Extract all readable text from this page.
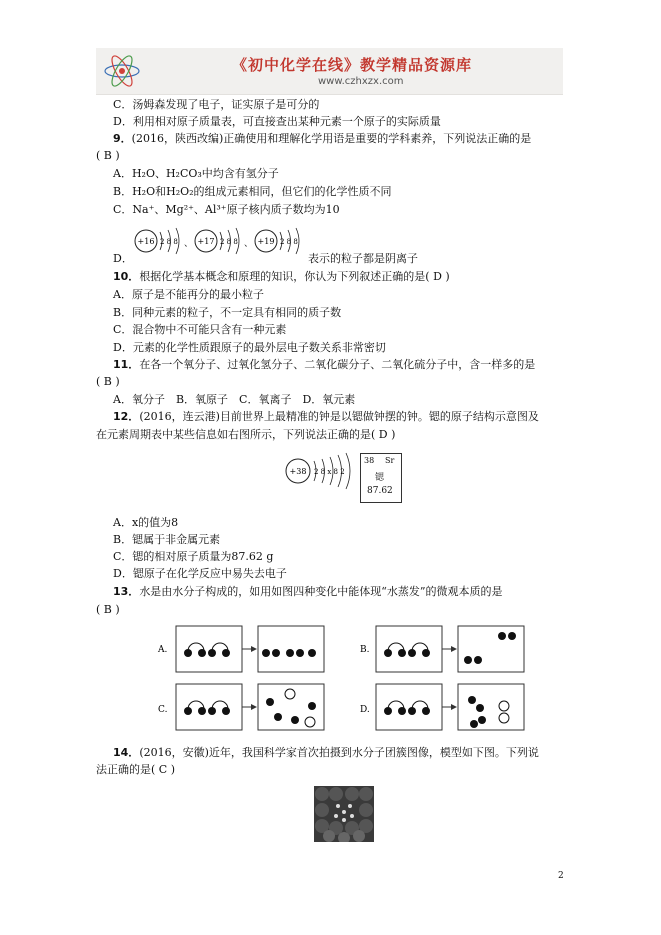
《初中化学在线》教学精品资源库
www.czhxzx.com
C．汤姆森发现了电子，证实原子是可分的
D．利用相对原子质量表，可直接查出某种元素一个原子的实际质量
9．(2016，陕西改编)正确使用和理解化学用语是重要的学科素养，下列说法正确的是
( B )
A．H₂O、H₂CO₃中均含有氢分子
B．H₂O和H₂O₂的组成元素相同，但它们的化学性质不同
C．Na⁺、Mg²⁺、Al³⁺原子核内质子数均为10
+16 2 8 8 、 +17 2 8 8 、 +19 2 8 8
D．	表示的粒子都是阴离子
10．根据化学基本概念和原理的知识，你认为下列叙述正确的是( D )
A．原子是不能再分的最小粒子
B．同种元素的粒子，不一定具有相同的质子数
C．混合物中不可能只含有一种元素
D．元素的化学性质跟原子的最外层电子数关系非常密切
11．在各一个氧分子、过氧化氢分子、二氧化碳分子、二氧化硫分子中，含一样多的是
( B )
A．氧分子　B．氧原子　C．氧离子　D．氧元素
12．(2016，连云港)目前世界上最精准的钟是以锶做钟摆的钟。锶的原子结构示意图及
在元素周期表中某些信息如右图所示，下列说法正确的是( D )
+38 2 8 x 8 2
38 Sr
锶
87.62
A．x的值为8
B．锶属于非金属元素
C．锶的相对原子质量为87.62 g
D．锶原子在化学反应中易失去电子
13．水是由水分子构成的，如用如图四种变化中能体现“水蒸发”的微观本质的是
( B )
A.	B.
C.	D.
14．(2016，安徽)近年，我国科学家首次拍摄到水分子团簇图像，模型如下图。下列说
法正确的是( C )
2
